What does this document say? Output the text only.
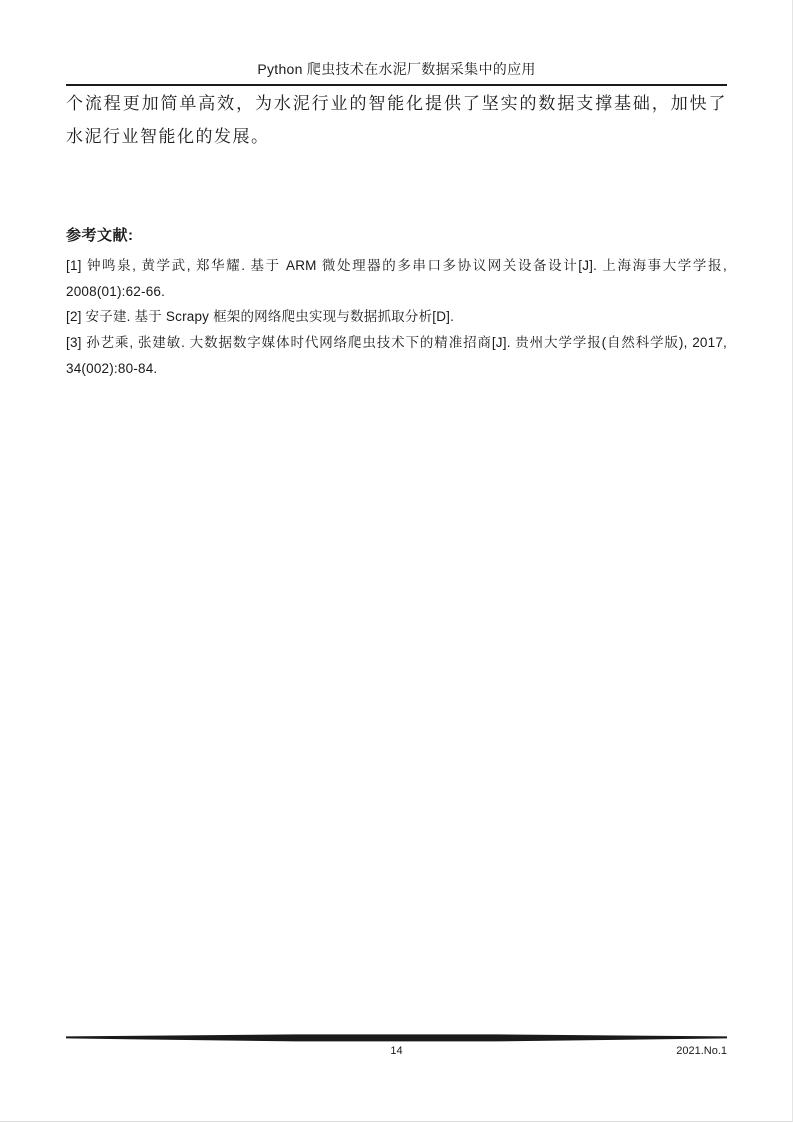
Python 爬虫技术在水泥厂数据采集中的应用

个流程更加简单高效，为水泥行业的智能化提供了坚实的数据支撑基础，加快了水泥行业智能化的发展。

参考文献:

[1] 钟鸣泉, 黄学武, 郑华耀. 基于 ARM 微处理器的多串口多协议网关设备设计[J]. 上海海事大学学报, 2008(01):62-66.

[2] 安子建. 基于 Scrapy 框架的网络爬虫实现与数据抓取分析[D].

[3] 孙艺乘, 张建敏. 大数据数字媒体时代网络爬虫技术下的精准招商[J]. 贵州大学学报(自然科学版), 2017, 34(002):80-84.

14	2021.No.1
